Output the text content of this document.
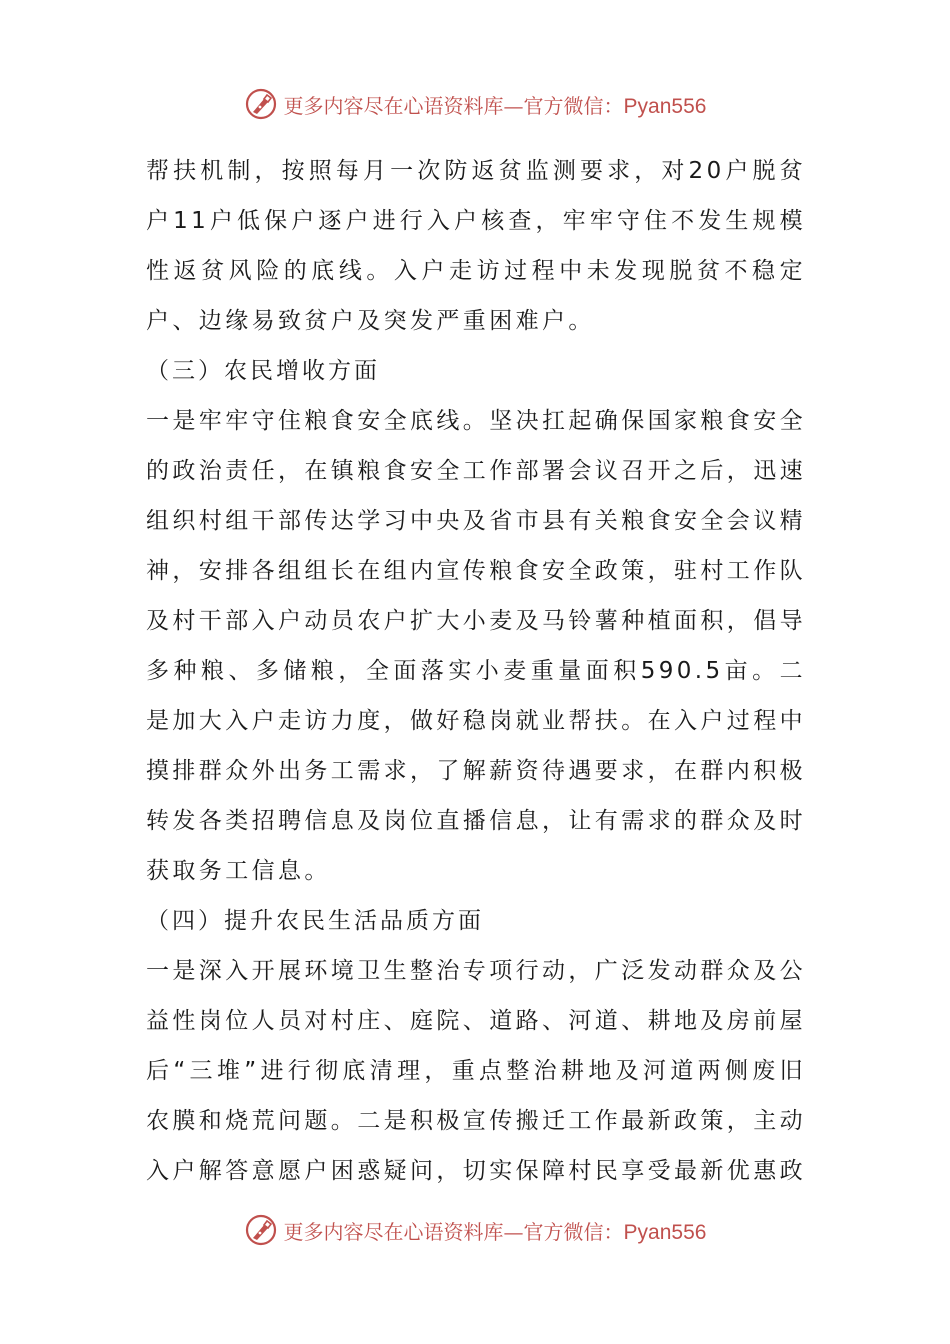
更多内容尽在心语资料库—官方微信：Pyan556

帮扶机制，按照每月一次防返贫监测要求，对20户脱贫户11户低保户逐户进行入户核查，牢牢守住不发生规模性返贫风险的底线。入户走访过程中未发现脱贫不稳定户、边缘易致贫户及突发严重困难户。

（三）农民增收方面

一是牢牢守住粮食安全底线。坚决扛起确保国家粮食安全的政治责任，在镇粮食安全工作部署会议召开之后，迅速组织村组干部传达学习中央及省市县有关粮食安全会议精神，安排各组组长在组内宣传粮食安全政策，驻村工作队及村干部入户动员农户扩大小麦及马铃薯种植面积，倡导多种粮、多储粮，全面落实小麦重量面积590.5亩。二是加大入户走访力度，做好稳岗就业帮扶。在入户过程中摸排群众外出务工需求，了解薪资待遇要求，在群内积极转发各类招聘信息及岗位直播信息，让有需求的群众及时获取务工信息。

（四）提升农民生活品质方面

一是深入开展环境卫生整治专项行动，广泛发动群众及公益性岗位人员对村庄、庭院、道路、河道、耕地及房前屋后“三堆”进行彻底清理，重点整治耕地及河道两侧废旧农膜和烧荒问题。二是积极宣传搬迁工作最新政策，主动入户解答意愿户困惑疑问，切实保障村民享受最新优惠政

更多内容尽在心语资料库—官方微信：Pyan556
